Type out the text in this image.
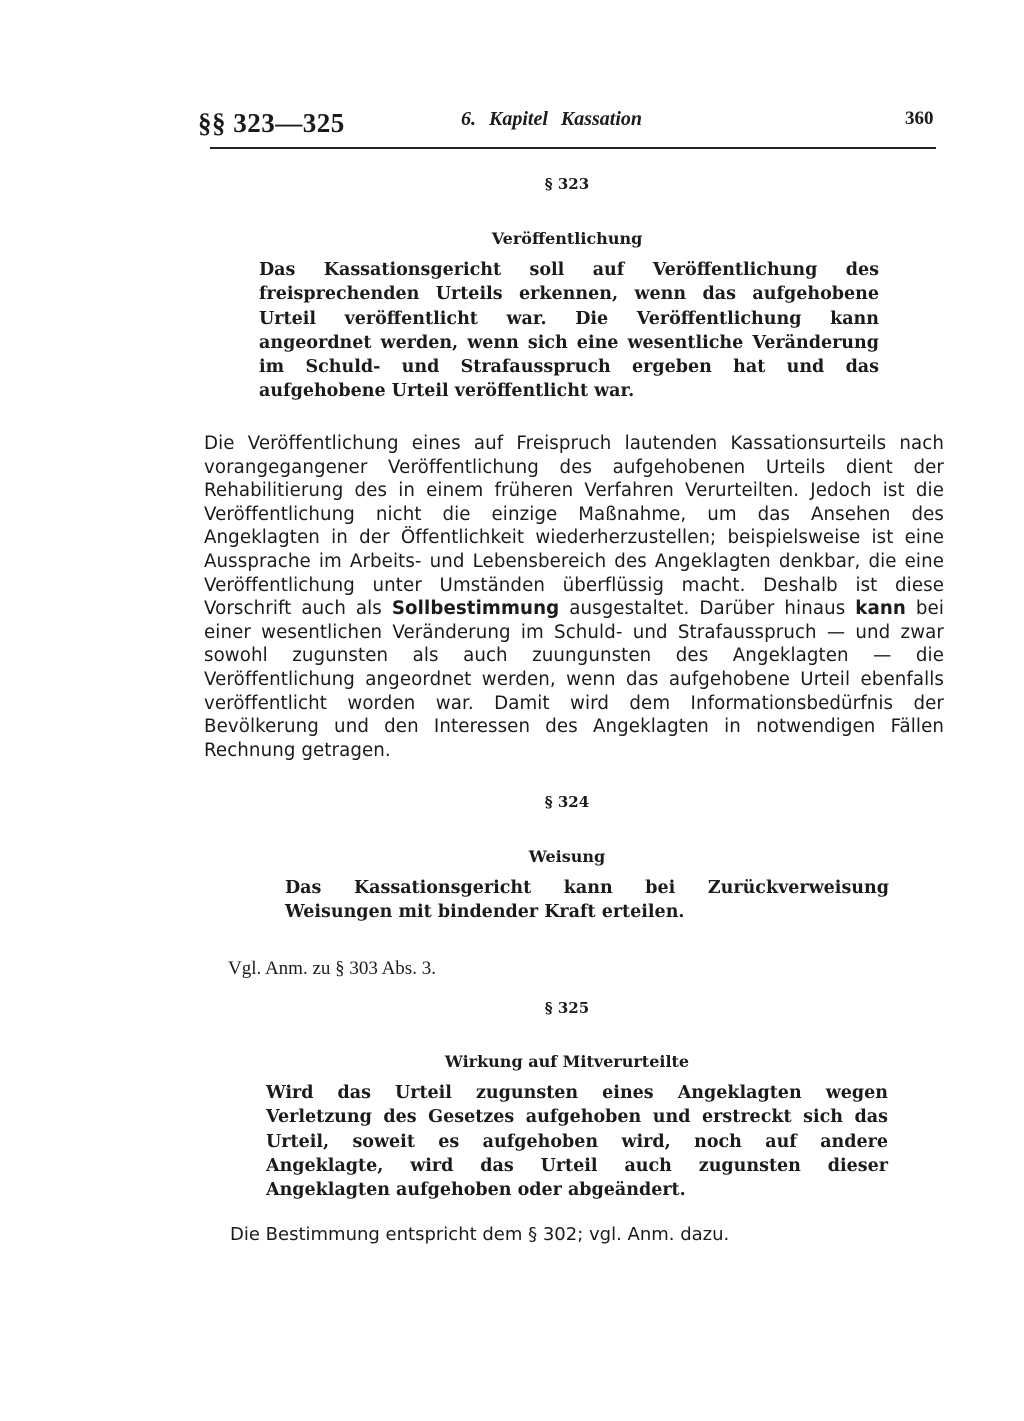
§§ 323—325	6. Kapitel Kassation	360
§ 323
Veröffentlichung

Das Kassationsgericht soll auf Veröffentlichung des freisprechenden Urteils erkennen, wenn das aufgehobene Urteil veröffentlicht war. Die Veröffentlichung kann angeordnet werden, wenn sich eine wesentliche Veränderung im Schuld- und Strafausspruch ergeben hat und das aufgehobene Urteil veröffentlicht war.

Die Veröffentlichung eines auf Freispruch lautenden Kassationsurteils nach vorangegangener Veröffentlichung des aufgehobenen Urteils dient der Rehabilitierung des in einem früheren Verfahren Verurteilten. Jedoch ist die Veröffentlichung nicht die einzige Maßnahme, um das Ansehen des Angeklagten in der Öffentlichkeit wiederherzustellen; beispielsweise ist eine Aussprache im Arbeits- und Lebensbereich des Angeklagten denkbar, die eine Veröffentlichung unter Umständen überflüssig macht. Deshalb ist diese Vorschrift auch als Sollbestimmung ausgestaltet. Darüber hinaus kann bei einer wesentlichen Veränderung im Schuld- und Strafausspruch — und zwar sowohl zugunsten als auch zuungunsten des Angeklagten — die Veröffentlichung angeordnet werden, wenn das aufgehobene Urteil ebenfalls veröffentlicht worden war. Damit wird dem Informationsbedürfnis der Bevölkerung und den Interessen des Angeklagten in notwendigen Fällen Rechnung getragen.

§ 324
Weisung

Das Kassationsgericht kann bei Zurückverweisung Weisungen mit bindender Kraft erteilen.

Vgl. Anm. zu § 303 Abs. 3.
§ 325
Wirkung auf Mitverurteilte

Wird das Urteil zugunsten eines Angeklagten wegen Verletzung des Gesetzes aufgehoben und erstreckt sich das Urteil, soweit es aufgehoben wird, noch auf andere Angeklagte, wird das Urteil auch zugunsten dieser Angeklagten aufgehoben oder abgeändert.

Die Bestimmung entspricht dem § 302; vgl. Anm. dazu.
